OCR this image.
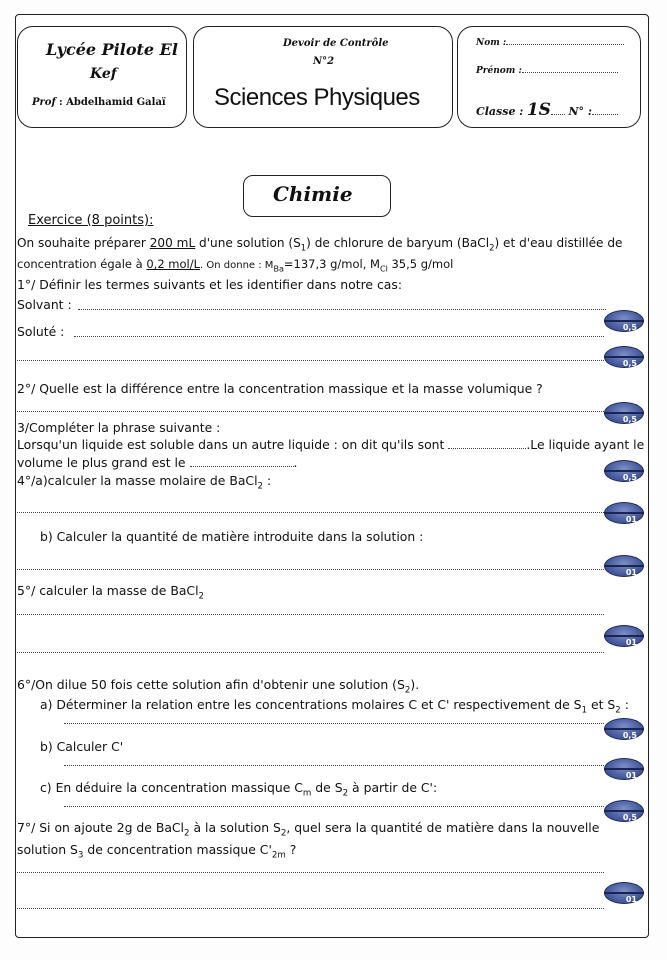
Lycée Pilote El
Kef
Prof : Abdelhamid Galaï
Devoir de Contrôle
N°2
Sciences Physiques
Nom :
Prénom :
Classe : 1S N° :
Chimie
Exercice (8 points):
On souhaite préparer 200 mL d'une solution $(S_1)$ de chlorure de baryum (BaCl$_2$) et d'eau distillée de
concentration égale à 0,2 mol/L. On donne : $M_{Ba}=137,3$ g/mol, $M_{Cl}$ 35,5 g/mol
1°/ Définir les termes suivants et les identifier dans notre cas:
Solvant :
Soluté :	0,5
0,5
2°/ Quelle est la différence entre la concentration massique et la masse volumique ?
3/Compléter la phrase suivante :
0,5
Lorsqu'un liquide est soluble dans un autre liquide : on dit qu'ils sont	.Le liquide ayant le
volume le plus grand est le	.
4°/a)calculer la masse molaire de BaCl$_2$ :	0,5
01
b) Calculer la quantité de matière introduite dans la solution :
01
5°/ calculer la masse de BaCl$_2$
01
6°/On dilue 50 fois cette solution afin d'obtenir une solution $(S_2)$.
a) Déterminer la relation entre les concentrations molaires C et C' respectivement de $S_1$ et $S_2$ :
0,5
b) Calculer C'
01
c) En déduire la concentration massique $C_m$ de $S_2$ à partir de C':
0,5
7°/ Si on ajoute 2g de BaCl$_2$ à la solution $S_2$, quel sera la quantité de matière dans la nouvelle
solution $S_3$ de concentration massique $C'_{2m}$ ?
01
